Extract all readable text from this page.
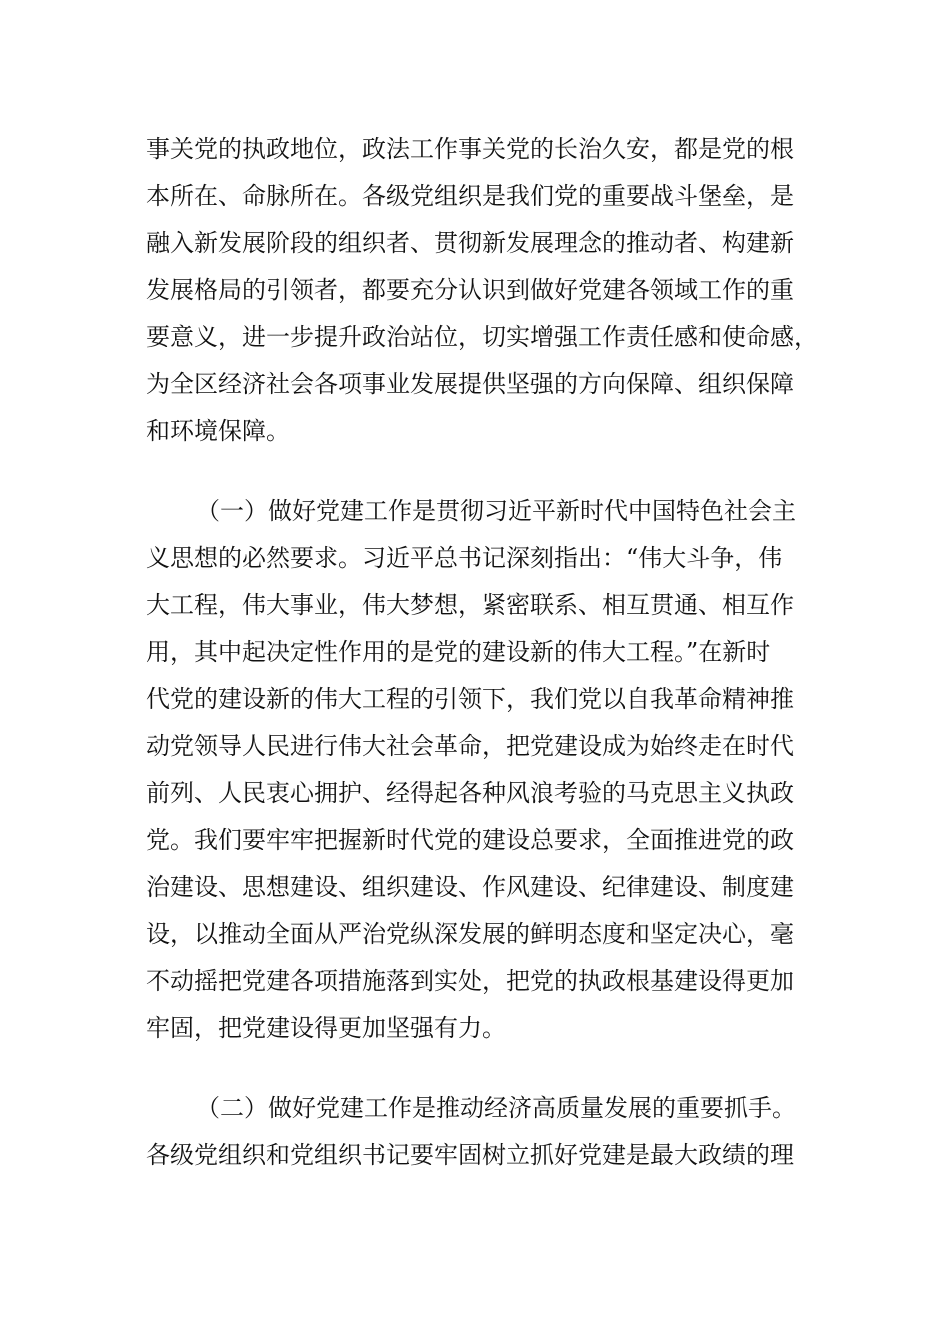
事关党的执政地位，政法工作事关党的长治久安，都是党的根
本所在、命脉所在。各级党组织是我们党的重要战斗堡垒，是
融入新发展阶段的组织者、贯彻新发展理念的推动者、构建新
发展格局的引领者，都要充分认识到做好党建各领域工作的重
要意义，进一步提升政治站位，切实增强工作责任感和使命感，
为全区经济社会各项事业发展提供坚强的方向保障、组织保障
和环境保障。
（一）做好党建工作是贯彻习近平新时代中国特色社会主
义思想的必然要求。习近平总书记深刻指出：“伟大斗争，伟
大工程，伟大事业，伟大梦想，紧密联系、相互贯通、相互作
用，其中起决定性作用的是党的建设新的伟大工程。”在新时
代党的建设新的伟大工程的引领下，我们党以自我革命精神推
动党领导人民进行伟大社会革命，把党建设成为始终走在时代
前列、人民衷心拥护、经得起各种风浪考验的马克思主义执政
党。我们要牢牢把握新时代党的建设总要求，全面推进党的政
治建设、思想建设、组织建设、作风建设、纪律建设、制度建
设，以推动全面从严治党纵深发展的鲜明态度和坚定决心，毫
不动摇把党建各项措施落到实处，把党的执政根基建设得更加
牢固，把党建设得更加坚强有力。
（二）做好党建工作是推动经济高质量发展的重要抓手。
各级党组织和党组织书记要牢固树立抓好党建是最大政绩的理
